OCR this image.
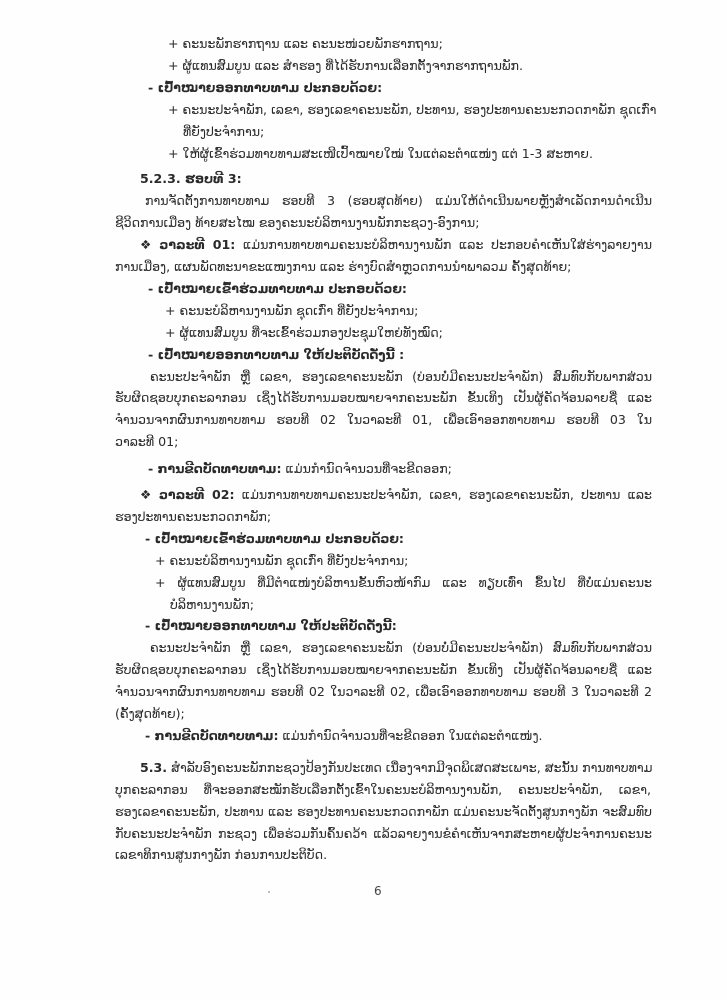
+ ຄະນະພັກຮາກຖານ ແລະ ຄະນະໜ່ວຍພັກຮາກຖານ;
+ ຜູ້ແທນສົມບູນ ແລະ ສຳຮອງ ທີ່ໄດ້ຮັບການເລືອກຕັ້ງຈາກຮາກຖານພັກ.
- ເປົ້າໝາຍອອກທາບທາມ ປະກອບດ້ວຍ:
+ ຄະນະປະຈຳພັກ, ເລຂາ, ຮອງເລຂາຄະນະພັກ, ປະທານ, ຮອງປະທານຄະນະກວດກາພັກ ຊຸດເກົ່າ
ທີ່ຍັງປະຈຳການ;
+ ໃຫ້ຜູ້ເຂົ້າຮ່ວມທາບທາມສະເໜີເປົ້າໝາຍໃໝ່ ໃນແຕ່ລະຕຳແໜ່ງ ແຕ່ 1-3 ສະຫາຍ.
5.2.3. ຮອບທີ 3:
ການຈັດຕັ້ງການທາບທາມ ຮອບທີ 3 (ຮອບສຸດທ້າຍ) ແມ່ນໃຫ້ດຳເນີນພາຍຫຼັງສຳເລັດການດຳເນີນ
ຊີວິດການເມືອງ ທ້າຍສະໄໝ ຂອງຄະນະບໍລິຫານງານພັກກະຊວງ-ອົງການ;
❖ ວາລະທີ 01: ແມ່ນການທາບທາມຄະນະບໍລິຫານງານພັກ ແລະ ປະກອບຄຳເຫັນໃສ່ຮ່າງລາຍງານ
ການເມືອງ, ແຜນພັດທະນາຂະແໜງການ ແລະ ຮ່າງບົດສຳຫຼວດການນຳພາລວມ ຄັ້ງສຸດທ້າຍ;
- ເປົ້າໝາຍເຂົ້າຮ່ວມທາບທາມ ປະກອບດ້ວຍ:
+ ຄະນະບໍລິຫານງານພັກ ຊຸດເກົ່າ ທີ່ຍັງປະຈຳການ;
+ ຜູ້ແທນສົມບູນ ທີ່ຈະເຂົ້າຮ່ວມກອງປະຊຸມໃຫຍ່ທັງໝົດ;
- ເປົ້າໝາຍອອກທາບທາມ ໃຫ້ປະຕິບັດດັ່ງນີ້ :
ຄະນະປະຈຳພັກ ຫຼື ເລຂາ, ຮອງເລຂາຄະນະພັກ (ບ່ອນບໍ່ມີຄະນະປະຈຳພັກ) ສົມທົບກັບພາກສ່ວນ
ຮັບຜິດຊອບບຸກຄະລາກອນ ເຊິ່ງໄດ້ຮັບການມອບໝາຍຈາກຄະນະພັກ ຂັ້ນເທິງ ເປັນຜູ້ຄັດຈ້ອນລາຍຊື່ ແລະ
ຈຳນວນຈາກຜົນການທາບທາມ ຮອບທີ 02 ໃນວາລະທີ 01, ເພື່ອເອົາອອກທາບທາມ ຮອບທີ 03 ໃນ
ວາລະທີ 01;
- ການຂີດບັດທາບທາມ: ແມ່ນກຳນົດຈຳນວນທີ່ຈະຂີດອອກ;
❖ ວາລະທີ 02: ແມ່ນການທາບທາມຄະນະປະຈຳພັກ, ເລຂາ, ຮອງເລຂາຄະນະພັກ, ປະທານ ແລະ
ຮອງປະທານຄະນະກວດກາພັກ;
- ເປົ້າໝາຍເຂົ້າຮ່ວມທາບທາມ ປະກອບດ້ວຍ:
+ ຄະນະບໍລິຫານງານພັກ ຊຸດເກົ່າ ທີ່ຍັງປະຈຳການ;
+ ຜູ້ແທນສົມບູນ ທີ່ມີຕຳແໜ່ງບໍລິຫານຂັ້ນຫົວໜ້າກົມ ແລະ ທຽບເທົ່າ ຂຶ້ນໄປ ທີ່ບໍ່ແມ່ນຄະນະ
ບໍລິຫານງານພັກ;
- ເປົ້າໝາຍອອກທາບທາມ ໃຫ້ປະຕິບັດດັ່ງນີ້:
ຄະນະປະຈຳພັກ ຫຼື ເລຂາ, ຮອງເລຂາຄະນະພັກ (ບ່ອນບໍ່ມີຄະນະປະຈຳພັກ) ສົມທົບກັບພາກສ່ວນ
ຮັບຜິດຊອບບຸກຄະລາກອນ ເຊິ່ງໄດ້ຮັບການມອບໝາຍຈາກຄະນະພັກ ຂັ້ນເທິງ ເປັນຜູ້ຄັດຈ້ອນລາຍຊື່ ແລະ
ຈຳນວນຈາກຜົນການທາບທາມ ຮອບທີ 02 ໃນວາລະທີ 02, ເພື່ອເອົາອອກທາບທາມ ຮອບທີ 3 ໃນວາລະທີ 2
(ຄັ້ງສຸດທ້າຍ);
- ການຂີດບັດທາບທາມ: ແມ່ນກຳນົດຈຳນວນທີ່ຈະຂີດອອກ ໃນແຕ່ລະຕຳແໜ່ງ.
5.3. ສຳລັບອົງຄະນະພັກກະຊວງປ້ອງກັນປະເທດ ເນື່ອງຈາກມີຈຸດພິເສດສະເພາະ, ສະນັ້ນ ການທາບທາມ
ບຸກຄະລາກອນ ທີ່ຈະອອກສະໝັກຮັບເລືອກຕັ້ງເຂົ້າໃນຄະນະບໍລິຫານງານພັກ, ຄະນະປະຈຳພັກ, ເລຂາ,
ຮອງເລຂາຄະນະພັກ, ປະທານ ແລະ ຮອງປະທານຄະນະກວດກາພັກ ແມ່ນຄະນະຈັດຕັ້ງສູນກາງພັກ ຈະສົມທົບ
ກັບຄະນະປະຈຳພັກ ກະຊວງ ເພື່ອຮ່ວມກັນຄົ້ນຄວ້າ ແລ້ວລາຍງານຂໍຄຳເຫັນຈາກສະຫາຍຜູ້ປະຈຳການຄະນະ
ເລຂາທິການສູນກາງພັກ ກ່ອນການປະຕິບັດ.
6
